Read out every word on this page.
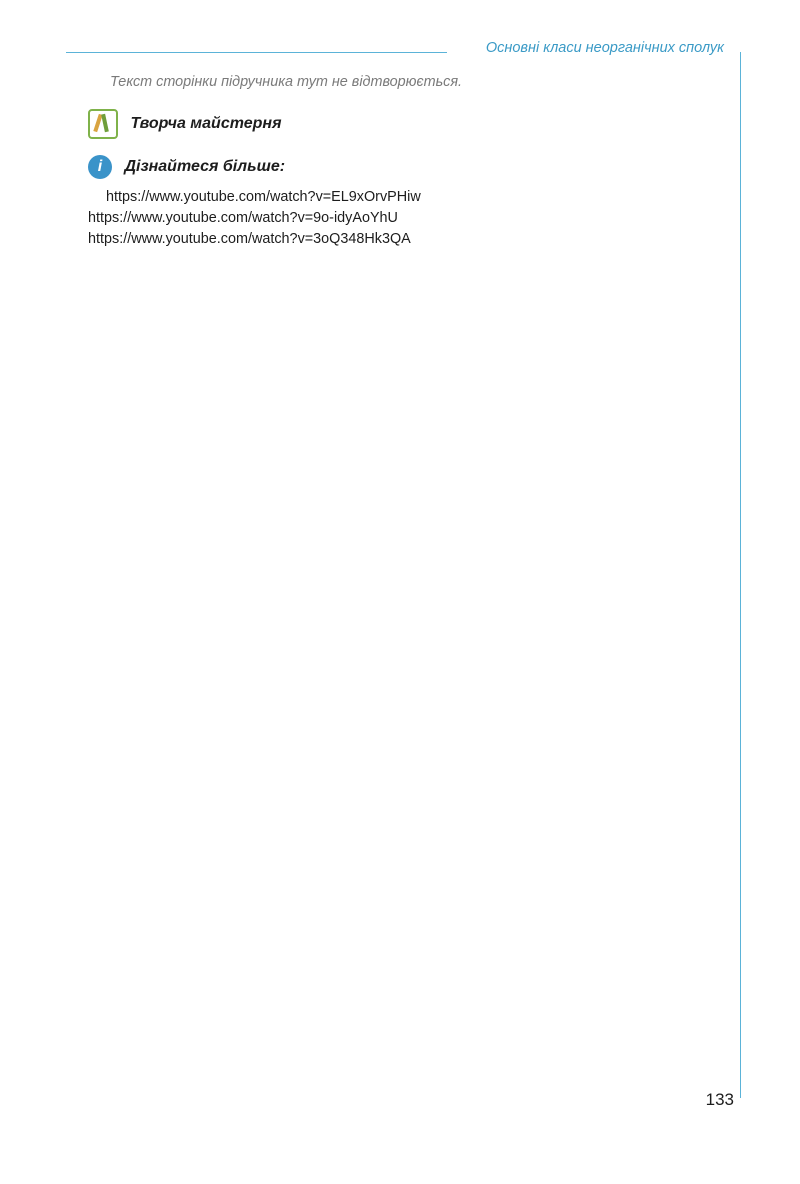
Основні класи неорганічних сполук

Текст сторінки підручника тут не відтворюється.

Творча майстерня
i Дізнайтеся більше:
https://www.youtube.com/watch?v=EL9xOrvPHiw
https://www.youtube.com/watch?v=9o-idyAoYhU
https://www.youtube.com/watch?v=3oQ348Hk3QA
133
